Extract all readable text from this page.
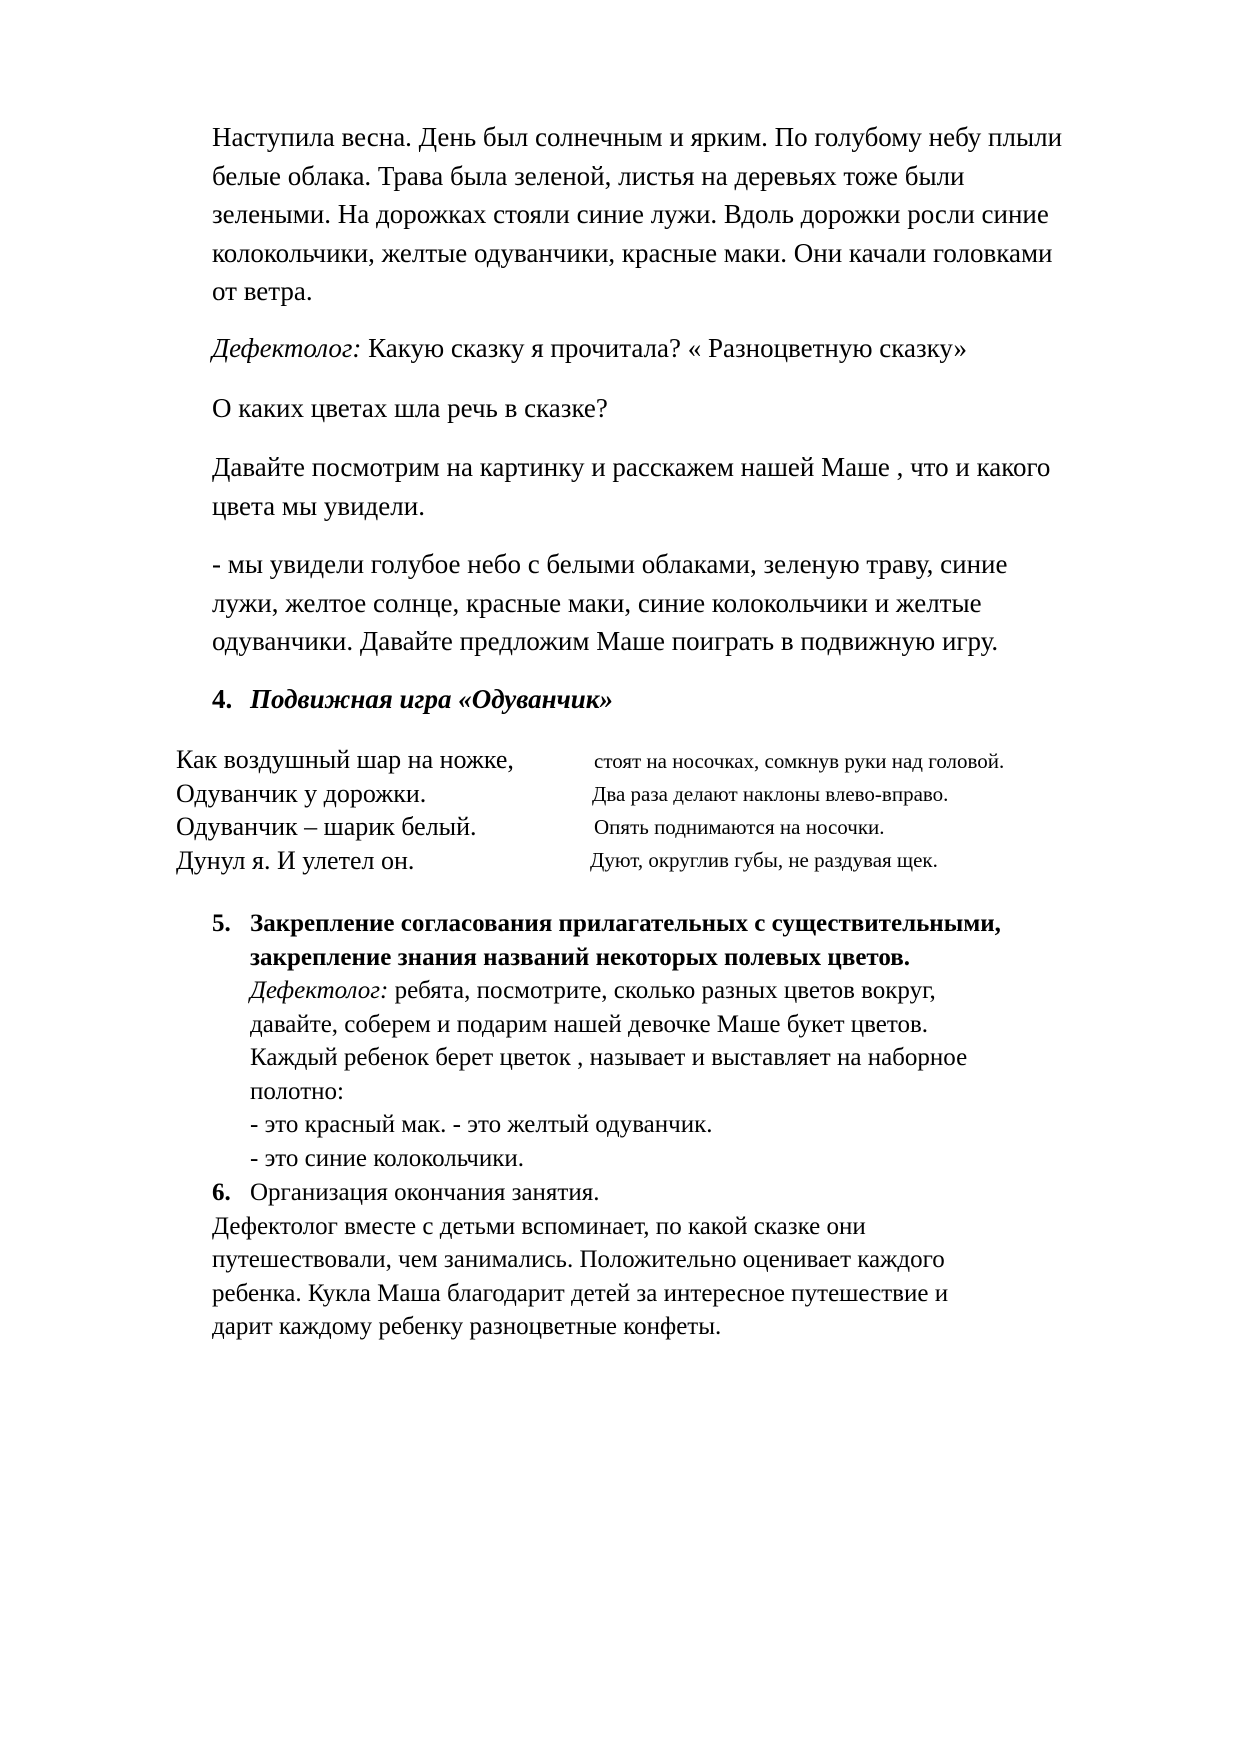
Наступила весна. День был солнечным и ярким. По голубому небу плыли
белые облака. Трава была зеленой, листья на деревьях тоже были
зелеными. На дорожках стояли синие лужи. Вдоль дорожки росли синие
колокольчики, желтые одуванчики, красные маки. Они качали головками
от ветра.
Дефектолог: Какую сказку я прочитала? « Разноцветную сказку»
О каких цветах шла речь в сказке?
Давайте посмотрим на картинку и расскажем нашей Маше , что и какого
цвета мы увидели.
- мы увидели голубое небо с белыми облаками, зеленую траву, синие
лужи, желтое солнце, красные маки, синие колокольчики и желтые
одуванчики. Давайте предложим Маше поиграть в подвижную игру.
4. Подвижная игра «Одуванчик»
Как воздушный шар на ножке,
Одуванчик у дорожки.
Одуванчик – шарик белый.
Дунул я. И улетел он.
стоят на носочках, сомкнув руки над головой.
Два раза делают наклоны влево-вправо.
Опять поднимаются на носочки.
Дуют, округлив губы, не раздувая щек.
5. Закрепление согласования прилагательных с существительными,
закрепление знания названий некоторых полевых цветов.
Дефектолог: ребята, посмотрите, сколько разных цветов вокруг,
давайте, соберем и подарим нашей девочке Маше букет цветов.
Каждый ребенок берет цветок , называет и выставляет на наборное
полотно:
- это красный мак. - это желтый одуванчик.
- это синие колокольчики.
6. Организация окончания занятия.
Дефектолог вместе с детьми вспоминает, по какой сказке они
путешествовали, чем занимались. Положительно оценивает каждого
ребенка. Кукла Маша благодарит детей за интересное путешествие и
дарит каждому ребенку разноцветные конфеты.
